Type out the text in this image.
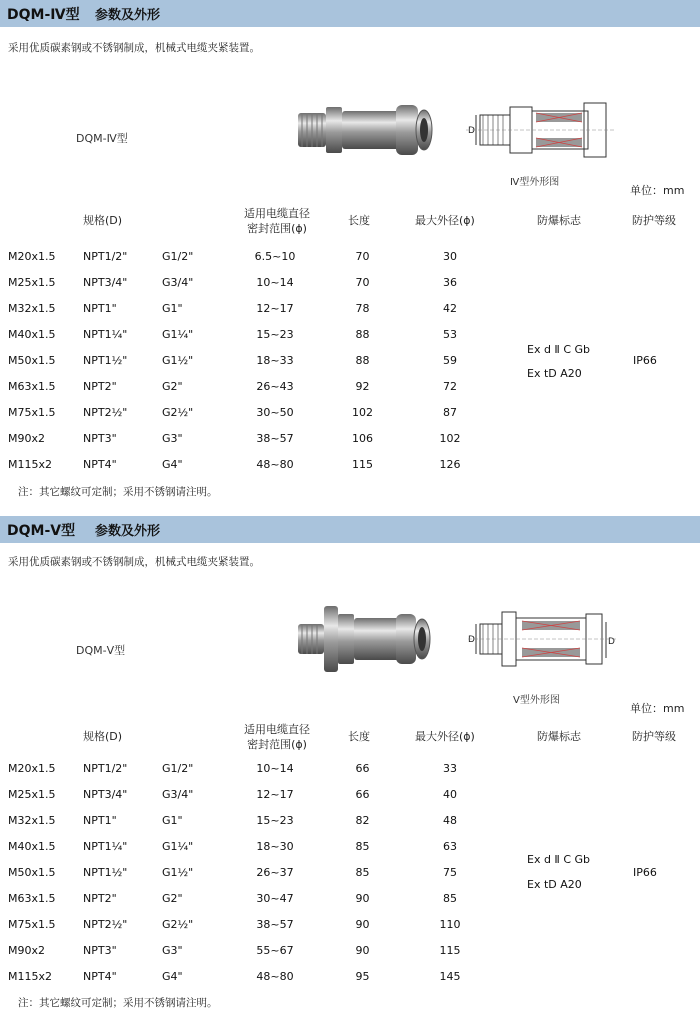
DQM-Ⅳ型 参数及外形
采用优质碳素钢或不锈钢制成，机械式电缆夹紧装置。
DQM-Ⅳ型
D
Ⅳ型外形图
单位：mm
规格(D)
适用电缆直径
密封范围(ϕ)
长度	最大外径(ϕ)	防爆标志	防护等级
M20x1.5	NPT1/2"	G1/2"	6.5~10	70	30
M25x1.5	NPT3/4"	G3/4"	10~14	70	36
M32x1.5	NPT1"	G1"	12~17	78	42
M40x1.5	NPT1¼"	G1¼"	15~23	88	53
M50x1.5	NPT1½"	G1½"	18~33	88	59
M63x1.5	NPT2"	G2"	26~43	92	72
M75x1.5	NPT2½"	G2½"	30~50	102	87
M90x2	NPT3"	G3"	38~57	106	102
M115x2	NPT4"	G4"	48~80	115	126
Ex d Ⅱ C Gb
Ex tD A20
IP66
注：其它螺纹可定制；采用不锈钢请注明。
DQM-Ⅴ型 参数及外形
采用优质碳素钢或不锈钢制成，机械式电缆夹紧装置。
DQM-Ⅴ型
D	D
Ⅴ型外形图
单位：mm
规格(D)
适用电缆直径
密封范围(ϕ)
长度	最大外径(ϕ)	防爆标志	防护等级
M20x1.5	NPT1/2"	G1/2"	10~14	66	33
M25x1.5	NPT3/4"	G3/4"	12~17	66	40
M32x1.5	NPT1"	G1"	15~23	82	48
M40x1.5	NPT1¼"	G1¼"	18~30	85	63
M50x1.5	NPT1½"	G1½"	26~37	85	75
M63x1.5	NPT2"	G2"	30~47	90	85
M75x1.5	NPT2½"	G2½"	38~57	90	110
M90x2	NPT3"	G3"	55~67	90	115
M115x2	NPT4"	G4"	48~80	95	145
Ex d Ⅱ C Gb
Ex tD A20
IP66
注：其它螺纹可定制；采用不锈钢请注明。
